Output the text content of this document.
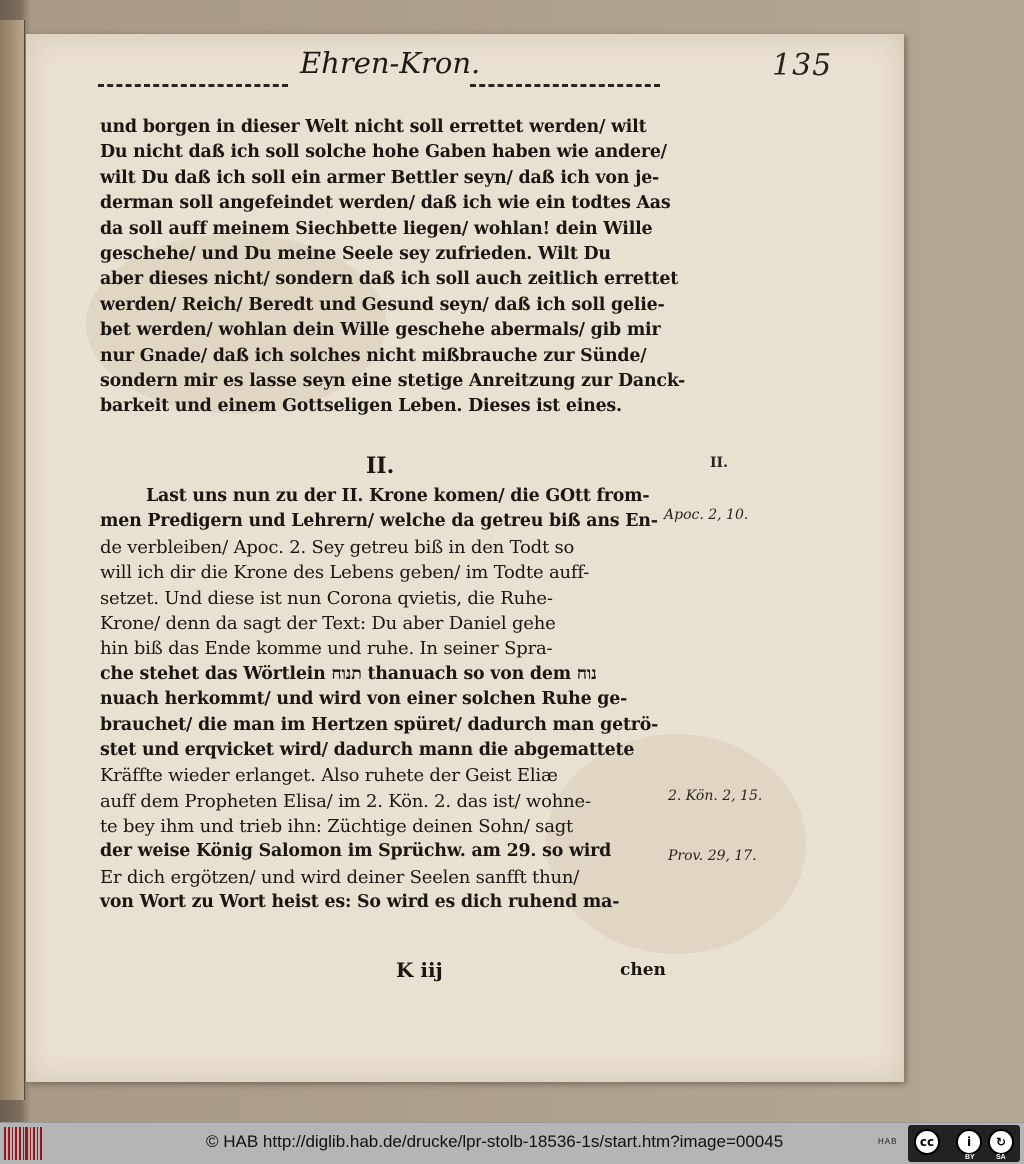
Ehren-Kron.	135
und borgen in dieser Welt nicht soll errettet werden/ wilt
Du nicht daß ich soll solche hohe Gaben haben wie andere/
wilt Du daß ich soll ein armer Bettler seyn/ daß ich von je-
derman soll angefeindet werden/ daß ich wie ein todtes Aas
da soll auff meinem Siechbette liegen/ wohlan! dein Wille
geschehe/ und Du meine Seele sey zufrieden. Wilt Du
aber dieses nicht/ sondern daß ich soll auch zeitlich errettet
werden/ Reich/ Beredt und Gesund seyn/ daß ich soll gelie-
bet werden/ wohlan dein Wille geschehe abermals/ gib mir
nur Gnade/ daß ich solches nicht mißbrauche zur Sünde/
sondern mir es lasse seyn eine stetige Anreitzung zur Danck-
barkeit und einem Gottseligen Leben. Dieses ist eines.
II.
Last uns nun zu der II. Krone komen/ die GOtt from-
men Predigern und Lehrern/ welche da getreu biß ans En-
de verbleiben/ Apoc. 2. Sey getreu biß in den Todt so
will ich dir die Krone des Lebens geben/ im Todte auff-
setzet. Und diese ist nun Corona qvietis, die Ruhe-
Krone/ denn da sagt der Text: Du aber Daniel gehe
hin biß das Ende komme und ruhe. In seiner Spra-
che stehet das Wörtlein תנוח thanuach so von dem נוח
nuach herkommt/ und wird von einer solchen Ruhe ge-
brauchet/ die man im Hertzen spüret/ dadurch man getrö-
stet und erqvicket wird/ dadurch mann die abgemattete
Kräffte wieder erlanget. Also ruhete der Geist Eliæ
auff dem Propheten Elisa/ im 2. Kön. 2. das ist/ wohne-
te bey ihm und trieb ihn: Züchtige deinen Sohn/ sagt
der weise König Salomon im Sprüchw. am 29. so wird
Er dich ergötzen/ und wird deiner Seelen sanfft thun/
von Wort zu Wort heist es: So wird es dich ruhend ma-
II.
Apoc. 2, 10.
2. Kön. 2, 15.
Prov. 29, 17.
K iij	chen
© HAB http://diglib.hab.de/drucke/lpr-stolb-18536-1s/start.htm?image=00045	HAB	cc	i	↻
BY	SA
